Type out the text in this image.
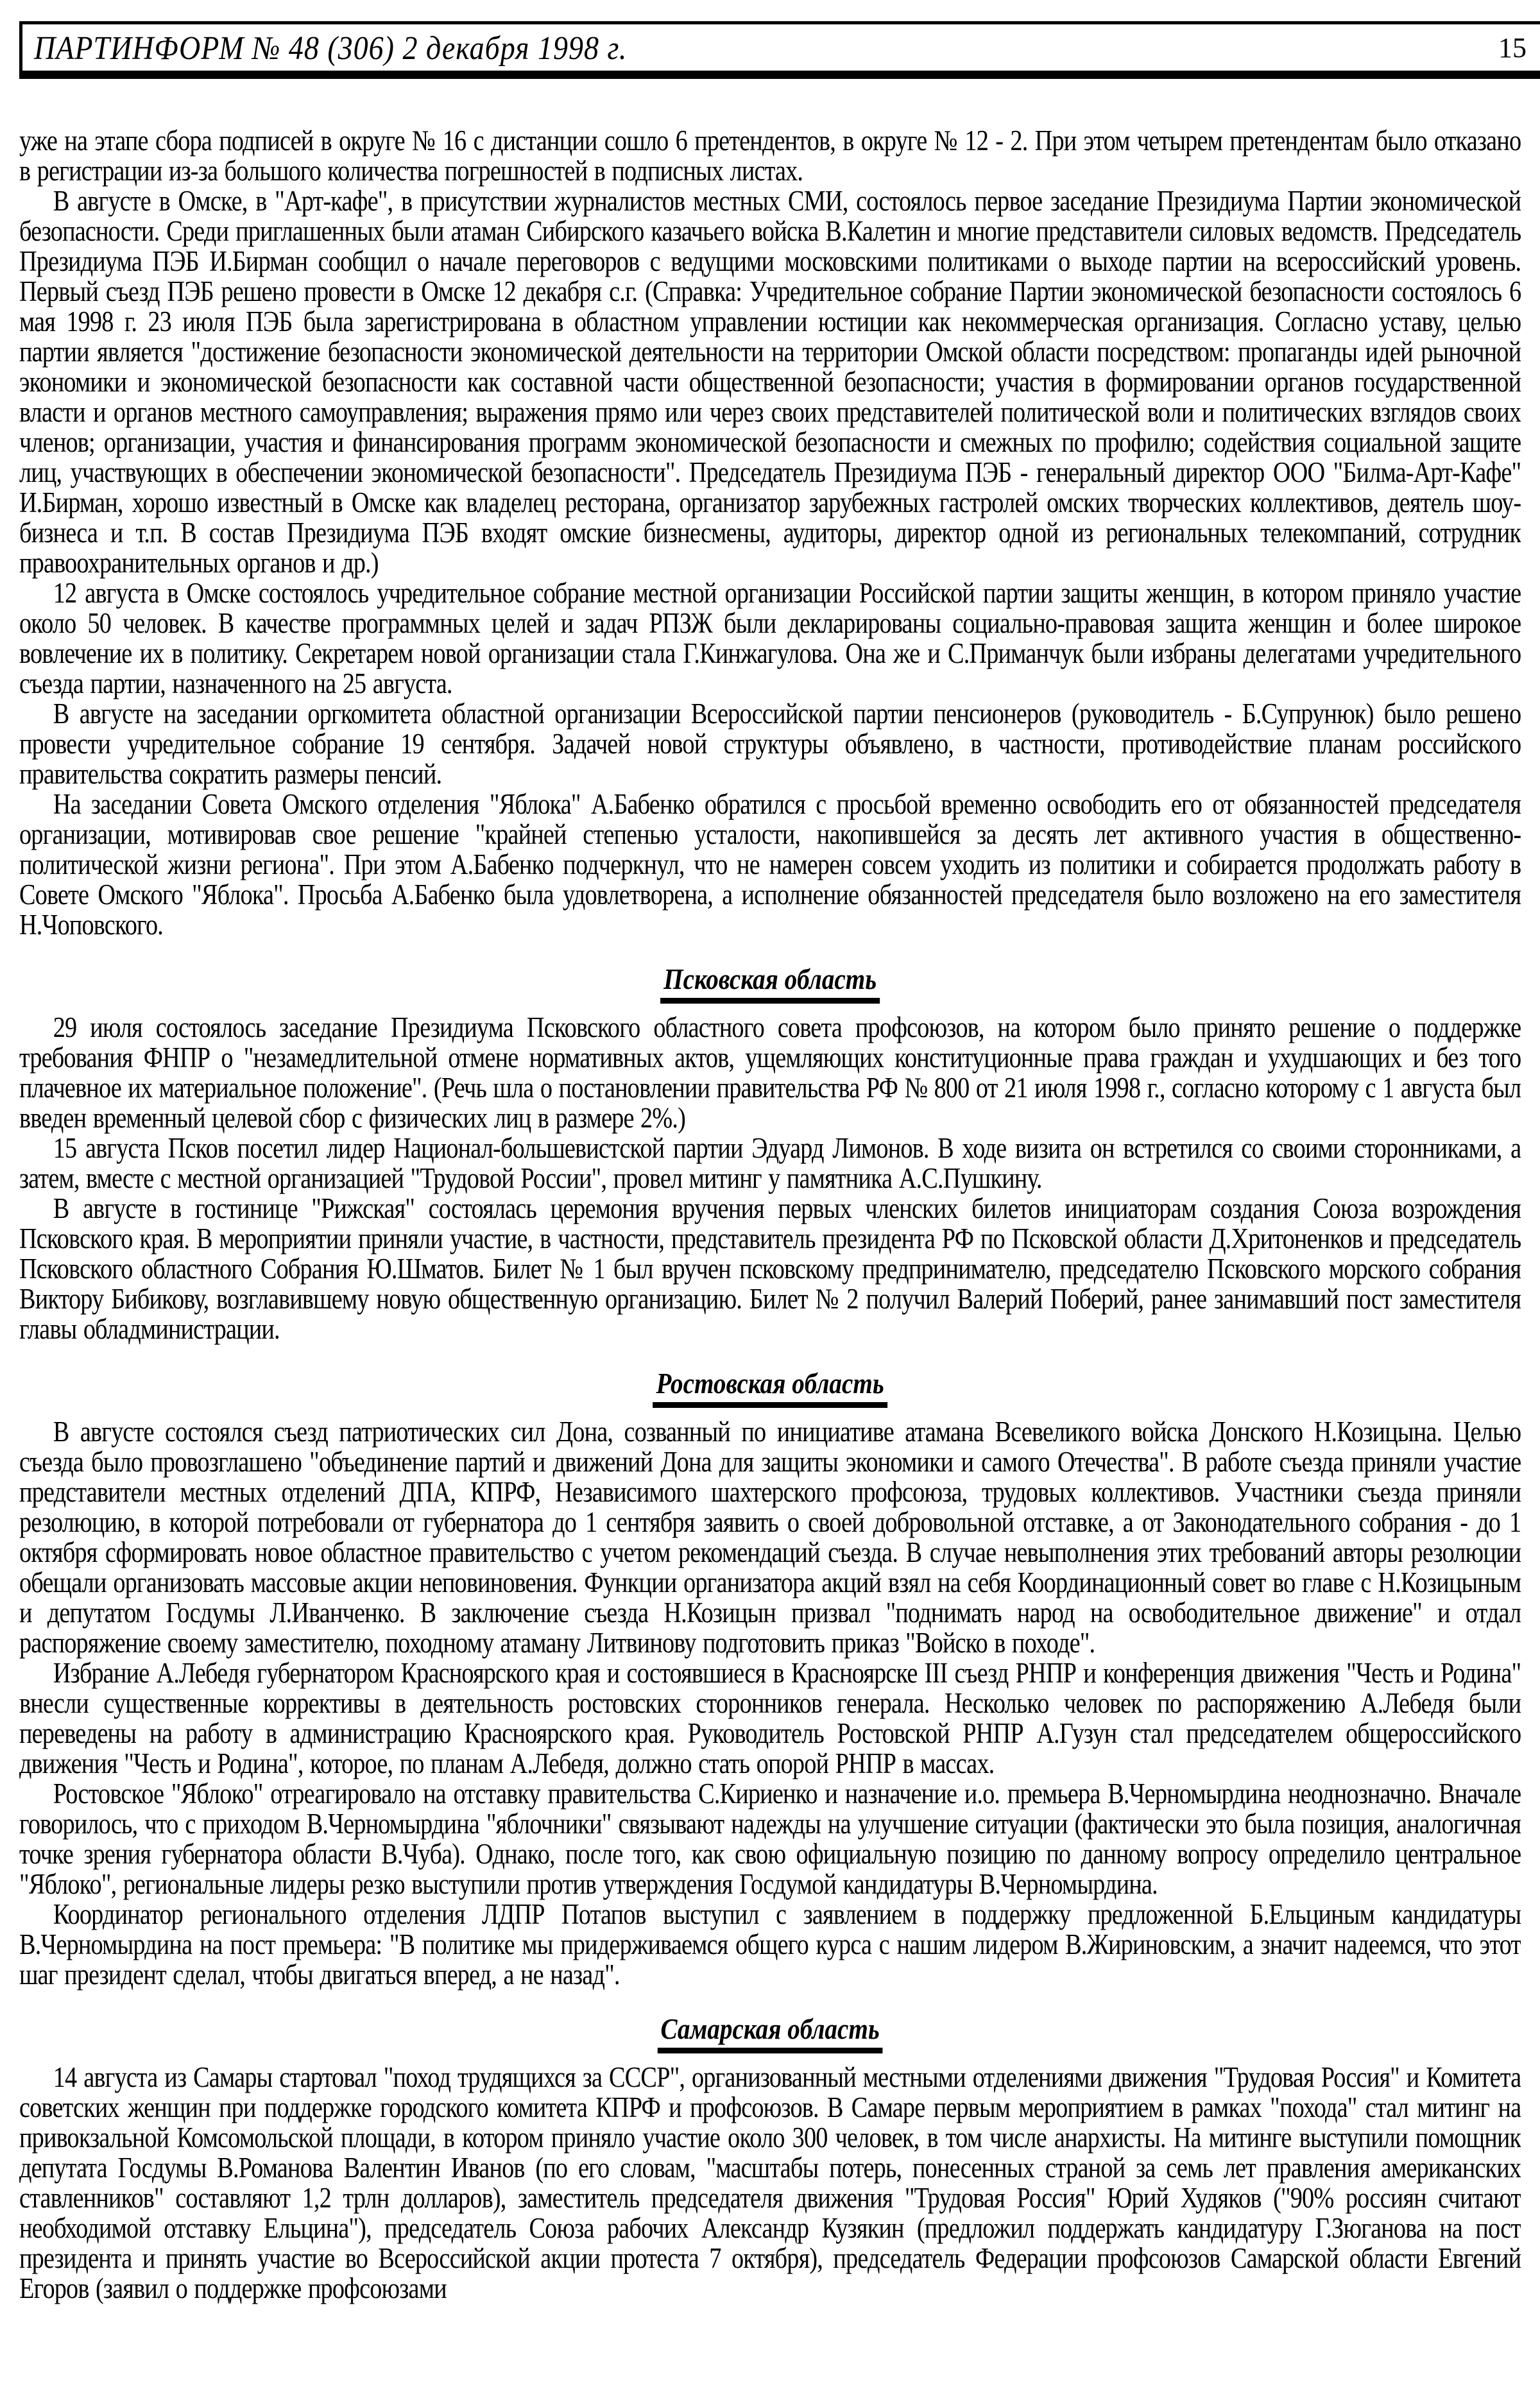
ПАРТИНФОРМ № 48 (306) 2 декабря 1998 г.	15

уже на этапе сбора подписей в округе № 16 с дистанции сошло 6 претендентов, в округе № 12 - 2. При этом четырем претендентам было отказано в регистрации из-за большого количества погрешностей в подписных листах.

В августе в Омске, в "Арт-кафе", в присутствии журналистов местных СМИ, состоялось первое заседание Президиума Партии экономической безопасности. Среди приглашенных были атаман Сибирского казачьего войска В.Калетин и многие представители силовых ведомств. Председатель Президиума ПЭБ И.Бирман сообщил о начале переговоров с ведущими московскими политиками о выходе партии на всероссийский уровень. Первый съезд ПЭБ решено провести в Омске 12 декабря с.г. (Справка: Учредительное собрание Партии экономической безопасности состоялось 6 мая 1998 г. 23 июля ПЭБ была зарегистрирована в областном управлении юстиции как некоммерческая организация. Согласно уставу, целью партии является "достижение безопасности экономической деятельности на территории Омской области посредством: пропаганды идей рыночной экономики и экономической безопасности как составной части общественной безопасности; участия в формировании органов государственной власти и органов местного самоуправления; выражения прямо или через своих представителей политической воли и политических взглядов своих членов; организации, участия и финансирования программ экономической безопасности и смежных по профилю; содействия социальной защите лиц, участвующих в обеспечении экономической безопасности". Председатель Президиума ПЭБ - генеральный директор ООО "Билма-Арт-Кафе" И.Бирман, хорошо известный в Омске как владелец ресторана, организатор зарубежных гастролей омских творческих коллективов, деятель шоу-бизнеса и т.п. В состав Президиума ПЭБ входят омские бизнесмены, аудиторы, директор одной из региональных телекомпаний, сотрудник правоохранительных органов и др.)

12 августа в Омске состоялось учредительное собрание местной организации Российской партии защиты женщин, в котором приняло участие около 50 человек. В качестве программных целей и задач РПЗЖ были декларированы социально-правовая защита женщин и более широкое вовлечение их в политику. Секретарем новой организации стала Г.Кинжагулова. Она же и С.Приманчук были избраны делегатами учредительного съезда партии, назначенного на 25 августа.

В августе на заседании оргкомитета областной организации Всероссийской партии пенсионеров (руководитель - Б.Супрунюк) было решено провести учредительное собрание 19 сентября. Задачей новой структуры объявлено, в частности, противодействие планам российского правительства сократить размеры пенсий.

На заседании Совета Омского отделения "Яблока" А.Бабенко обратился с просьбой временно освободить его от обязанностей председателя организации, мотивировав свое решение "крайней степенью усталости, накопившейся за десять лет активного участия в общественно-политической жизни региона". При этом А.Бабенко подчеркнул, что не намерен совсем уходить из политики и собирается продолжать работу в Совете Омского "Яблока". Просьба А.Бабенко была удовлетворена, а исполнение обязанностей председателя было возложено на его заместителя Н.Чоповского.

Псковская область

29 июля состоялось заседание Президиума Псковского областного совета профсоюзов, на котором было принято решение о поддержке требования ФНПР о "незамедлительной отмене нормативных актов, ущемляющих конституционные права граждан и ухудшающих и без того плачевное их материальное положение". (Речь шла о постановлении правительства РФ № 800 от 21 июля 1998 г., согласно которому с 1 августа был введен временный целевой сбор с физических лиц в размере 2%.)

15 августа Псков посетил лидер Национал-большевистской партии Эдуард Лимонов. В ходе визита он встретился со своими сторонниками, а затем, вместе с местной организацией "Трудовой России", провел митинг у памятника А.С.Пушкину.

В августе в гостинице "Рижская" состоялась церемония вручения первых членских билетов инициаторам создания Союза возрождения Псковского края. В мероприятии приняли участие, в частности, представитель президента РФ по Псковской области Д.Хритоненков и председатель Псковского областного Собрания Ю.Шматов. Билет № 1 был вручен псковскому предпринимателю, председателю Псковского морского собрания Виктору Бибикову, возглавившему новую общественную организацию. Билет № 2 получил Валерий Поберий, ранее занимавший пост заместителя главы обладминистрации.

Ростовская область

В августе состоялся съезд патриотических сил Дона, созванный по инициативе атамана Всевеликого войска Донского Н.Козицына. Целью съезда было провозглашено "объединение партий и движений Дона для защиты экономики и самого Отечества". В работе съезда приняли участие представители местных отделений ДПА, КПРФ, Независимого шахтерского профсоюза, трудовых коллективов. Участники съезда приняли резолюцию, в которой потребовали от губернатора до 1 сентября заявить о своей добровольной отставке, а от Законодательного собрания - до 1 октября сформировать новое областное правительство с учетом рекомендаций съезда. В случае невыполнения этих требований авторы резолюции обещали организовать массовые акции неповиновения. Функции организатора акций взял на себя Координационный совет во главе с Н.Козицыным и депутатом Госдумы Л.Иванченко. В заключение съезда Н.Козицын призвал "поднимать народ на освободительное движение" и отдал распоряжение своему заместителю, походному атаману Литвинову подготовить приказ "Войско в походе".

Избрание А.Лебедя губернатором Красноярского края и состоявшиеся в Красноярске III съезд РНПР и конференция движения "Честь и Родина" внесли существенные коррективы в деятельность ростовских сторонников генерала. Несколько человек по распоряжению А.Лебедя были переведены на работу в администрацию Красноярского края. Руководитель Ростовской РНПР А.Гузун стал председателем общероссийского движения "Честь и Родина", которое, по планам А.Лебедя, должно стать опорой РНПР в массах.

Ростовское "Яблоко" отреагировало на отставку правительства С.Кириенко и назначение и.о. премьера В.Черномырдина неоднозначно. Вначале говорилось, что с приходом В.Черномырдина "яблочники" связывают надежды на улучшение ситуации (фактически это была позиция, аналогичная точке зрения губернатора области В.Чуба). Однако, после того, как свою официальную позицию по данному вопросу определило центральное "Яблоко", региональные лидеры резко выступили против утверждения Госдумой кандидатуры В.Черномырдина.

Координатор регионального отделения ЛДПР Потапов выступил с заявлением в поддержку предложенной Б.Ельциным кандидатуры В.Черномырдина на пост премьера: "В политике мы придерживаемся общего курса с нашим лидером В.Жириновским, а значит надеемся, что этот шаг президент сделал, чтобы двигаться вперед, а не назад".

Самарская область

14 августа из Самары стартовал "поход трудящихся за СССР", организованный местными отделениями движения "Трудовая Россия" и Комитета советских женщин при поддержке городского комитета КПРФ и профсоюзов. В Самаре первым мероприятием в рамках "похода" стал митинг на привокзальной Комсомольской площади, в котором приняло участие около 300 человек, в том числе анархисты. На митинге выступили помощник депутата Госдумы В.Романова Валентин Иванов (по его словам, "масштабы потерь, понесенных страной за семь лет правления американских ставленников" составляют 1,2 трлн долларов), заместитель председателя движения "Трудовая Россия" Юрий Худяков ("90% россиян считают необходимой отставку Ельцина"), председатель Союза рабочих Александр Кузякин (предложил поддержать кандидатуру Г.Зюганова на пост президента и принять участие во Всероссийской акции протеста 7 октября), председатель Федерации профсоюзов Самарской области Евгений Егоров (заявил о поддержке профсоюзами
